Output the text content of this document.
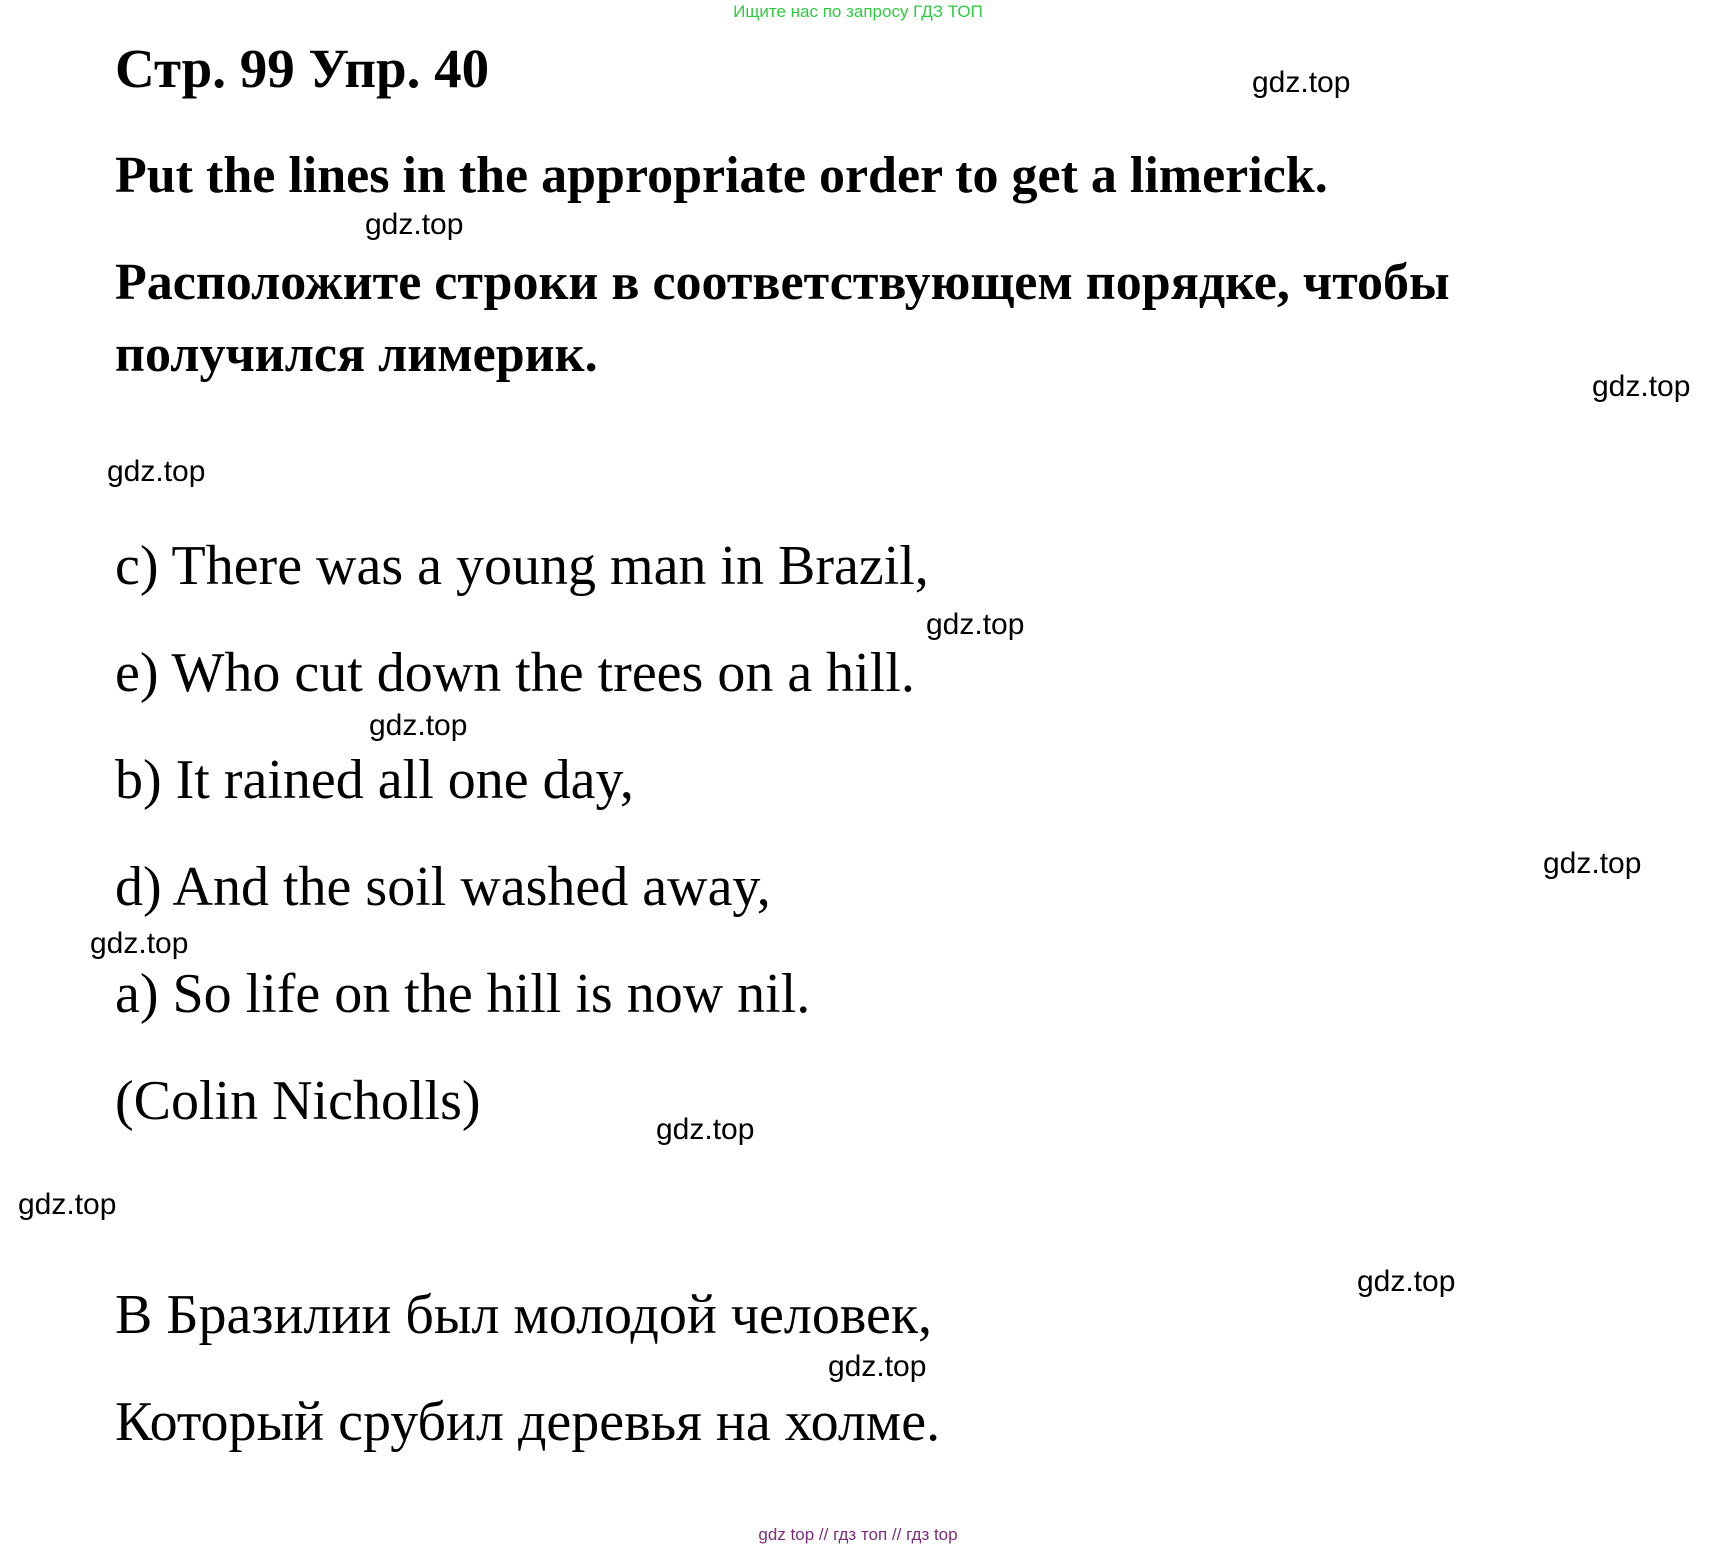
Ищите нас по запросу ГДЗ ТОП
Стр. 99 Упр. 40

Put the lines in the appropriate order to get a limerick.

Расположите строки в соответствующем порядке, чтобы получился лимерик.

c) There was a young man in Brazil,

e) Who cut down the trees on a hill.

b) It rained all one day,

d) And the soil washed away,

a) So life on the hill is now nil.

(Colin Nicholls)

В Бразилии был молодой человек,

Который срубил деревья на холме.

gdz.top
gdz.top
gdz.top
gdz.top
gdz.top
gdz.top
gdz.top
gdz.top
gdz.top
gdz.top
gdz.top
gdz.top
gdz top // гдз топ // гдз top
